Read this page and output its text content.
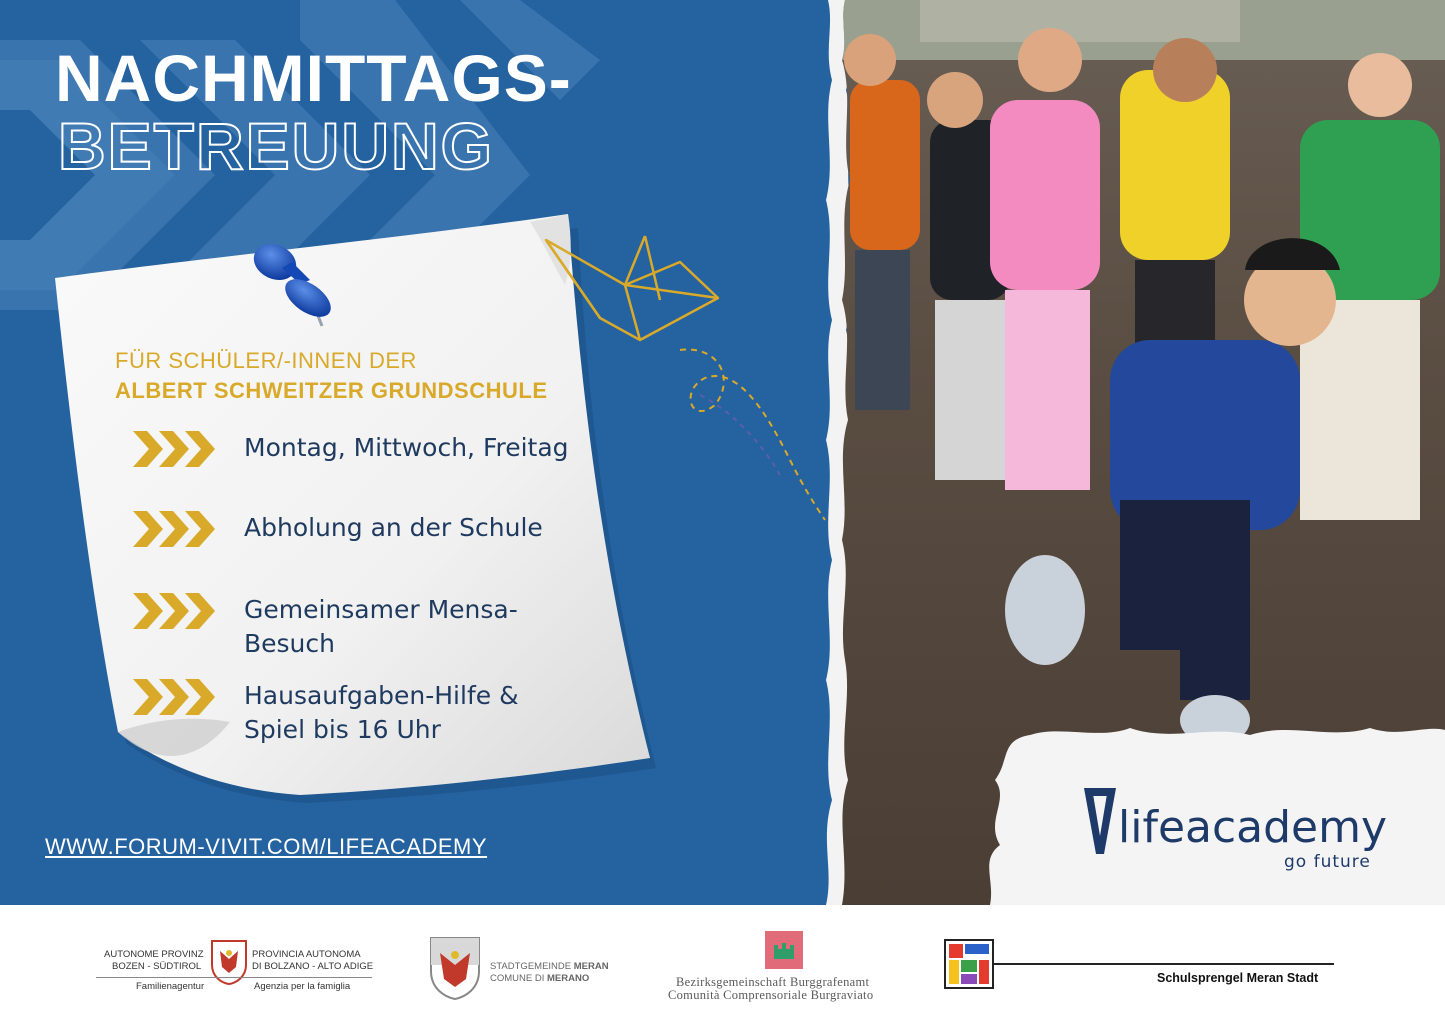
NACHMITTAGS-
BETREUUNG
WWW.FORUM-VIVIT.COM/LIFEACADEMY
FÜR SCHÜLER/-INNEN DER
ALBERT SCHWEITZER GRUNDSCHULE
Montag, Mittwoch, Freitag
Abholung an der Schule
Gemeinsamer Mensa-Besuch
Hausaufgaben-Hilfe & Spiel bis 16 Uhr
lifeacademy
go future
AUTONOME PROVINZ
BOZEN - SÜDTIROL
PROVINCIA AUTONOMA
DI BOLZANO - ALTO ADIGE
Familienagentur	Agenzia per la famiglia
STADTGEMEINDE MERAN
COMUNE DI MERANO	Bezirksgemeinschaft Burggrafenamt
Comunità Comprensoriale Burgraviato
Schulsprengel Meran Stadt
